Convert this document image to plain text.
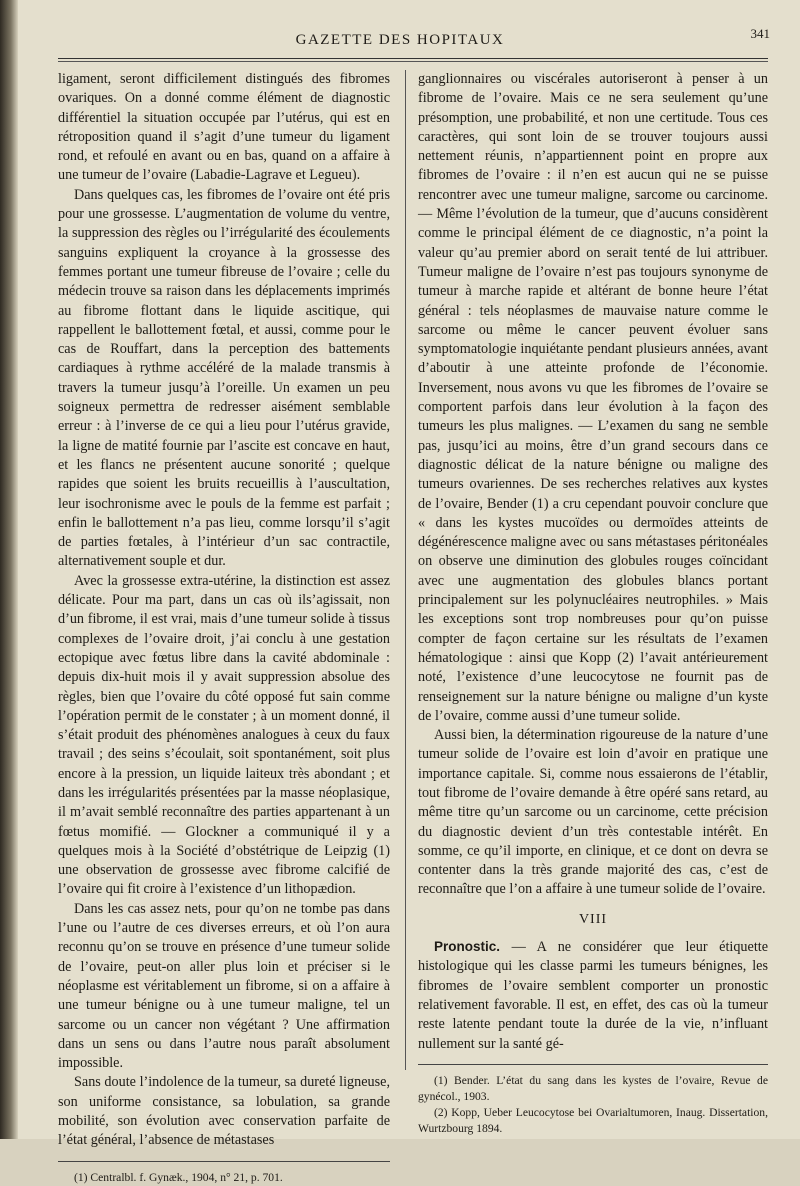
GAZETTE DES HOPITAUX	341

ligament, seront difficilement distingués des fibromes ovariques. On a donné comme élément de diagnostic différentiel la situation occupée par l’utérus, qui est en rétroposition quand il s’agit d’une tumeur du ligament rond, et refoulé en avant ou en bas, quand on a affaire à une tumeur de l’ovaire (Labadie-Lagrave et Legueu).

Dans quelques cas, les fibromes de l’ovaire ont été pris pour une grossesse. L’augmentation de volume du ventre, la suppression des règles ou l’irrégularité des écoulements sanguins expliquent la croyance à la grossesse des femmes portant une tumeur fibreuse de l’ovaire ; celle du médecin trouve sa raison dans les déplacements imprimés au fibrome flottant dans le liquide ascitique, qui rappellent le ballottement fœtal, et aussi, comme pour le cas de Rouffart, dans la perception des battements cardiaques à rythme accéléré de la malade transmis à travers la tumeur jusqu’à l’oreille. Un examen un peu soigneux permettra de redresser aisément semblable erreur : à l’inverse de ce qui a lieu pour l’utérus gravide, la ligne de matité fournie par l’ascite est concave en haut, et les flancs ne présentent aucune sonorité ; quelque rapides que soient les bruits recueillis à l’auscultation, leur isochronisme avec le pouls de la femme est parfait ; enfin le ballottement n’a pas lieu, comme lorsqu’il s’agit de parties fœtales, à l’intérieur d’un sac contractile, alternativement souple et dur.

Avec la grossesse extra-utérine, la distinction est assez délicate. Pour ma part, dans un cas où ils’agissait, non d’un fibrome, il est vrai, mais d’une tumeur solide à tissus complexes de l’ovaire droit, j’ai conclu à une gestation ectopique avec fœtus libre dans la cavité abdominale : depuis dix-huit mois il y avait suppression absolue des règles, bien que l’ovaire du côté opposé fut sain comme l’opération permit de le constater ; à un moment donné, il s’était produit des phénomènes analogues à ceux du faux travail ; des seins s’écoulait, soit spontanément, soit plus encore à la pression, un liquide laiteux très abondant ; et dans les irrégularités présentées par la masse néoplasique, il m’avait semblé reconnaître des parties appartenant à un fœtus momifié. — Glockner a communiqué il y a quelques mois à la Société d’obstétrique de Leipzig (1) une observation de grossesse avec fibrome calcifié de l’ovaire qui fit croire à l’existence d’un lithopædion.

Dans les cas assez nets, pour qu’on ne tombe pas dans l’une ou l’autre de ces diverses erreurs, et où l’on aura reconnu qu’on se trouve en présence d’une tumeur solide de l’ovaire, peut-on aller plus loin et préciser si le néoplasme est véritablement un fibrome, si on a affaire à une tumeur bénigne ou à une tumeur maligne, tel un sarcome ou un cancer non végétant ? Une affirmation dans un sens ou dans l’autre nous paraît absolument impossible.

Sans doute l’indolence de la tumeur, sa dureté ligneuse, son uniforme consistance, sa lobulation, sa grande mobilité, son évolution avec conservation parfaite de l’état général, l’absence de métastases

(1) Centralbl. f. Gynæk., 1904, n° 21, p. 701.

ganglionnaires ou viscérales autoriseront à penser à un fibrome de l’ovaire. Mais ce ne sera seulement qu’une présomption, une probabilité, et non une certitude. Tous ces caractères, qui sont loin de se trouver toujours aussi nettement réunis, n’appartiennent point en propre aux fibromes de l’ovaire : il n’en est aucun qui ne se puisse rencontrer avec une tumeur maligne, sarcome ou carcinome. — Même l’évolution de la tumeur, que d’aucuns considèrent comme le principal élément de ce diagnostic, n’a point la valeur qu’au premier abord on serait tenté de lui attribuer. Tumeur maligne de l’ovaire n’est pas toujours synonyme de tumeur à marche rapide et altérant de bonne heure l’état général : tels néoplasmes de mauvaise nature comme le sarcome ou même le cancer peuvent évoluer sans symptomatologie inquiétante pendant plusieurs années, avant d’aboutir à une atteinte profonde de l’économie. Inversement, nous avons vu que les fibromes de l’ovaire se comportent parfois dans leur évolution à la façon des tumeurs les plus malignes. — L’examen du sang ne semble pas, jusqu’ici au moins, être d’un grand secours dans ce diagnostic délicat de la nature bénigne ou maligne des tumeurs ovariennes. De ses recherches relatives aux kystes de l’ovaire, Bender (1) a cru cependant pouvoir conclure que « dans les kystes mucoïdes ou dermoïdes atteints de dégénérescence maligne avec ou sans métastases péritonéales on observe une diminution des globules rouges coïncidant avec une augmentation des globules blancs portant principalement sur les polynucléaires neutrophiles. » Mais les exceptions sont trop nombreuses pour qu’on puisse compter de façon certaine sur les résultats de l’examen hématologique : ainsi que Kopp (2) l’avait antérieurement noté, l’existence d’une leucocytose ne fournit pas de renseignement sur la nature bénigne ou maligne d’un kyste de l’ovaire, comme aussi d’une tumeur solide.

Aussi bien, la détermination rigoureuse de la nature d’une tumeur solide de l’ovaire est loin d’avoir en pratique une importance capitale. Si, comme nous essaierons de l’établir, tout fibrome de l’ovaire demande à être opéré sans retard, au même titre qu’un sarcome ou un carcinome, cette précision du diagnostic devient d’un très contestable intérêt. En somme, ce qu’il importe, en clinique, et ce dont on devra se contenter dans la très grande majorité des cas, c’est de reconnaître que l’on a affaire à une tumeur solide de l’ovaire.

VIII

Pronostic. — A ne considérer que leur étiquette histologique qui les classe parmi les tumeurs bénignes, les fibromes de l’ovaire semblent comporter un pronostic relativement favorable. Il est, en effet, des cas où la tumeur reste latente pendant toute la durée de la vie, n’influant nullement sur la santé gé-

(1) Bender. L’état du sang dans les kystes de l’ovaire, Revue de gynécol., 1903.

(2) Kopp, Ueber Leucocytose bei Ovarialtumoren, Inaug. Dissertation, Wurtzbourg 1894.
